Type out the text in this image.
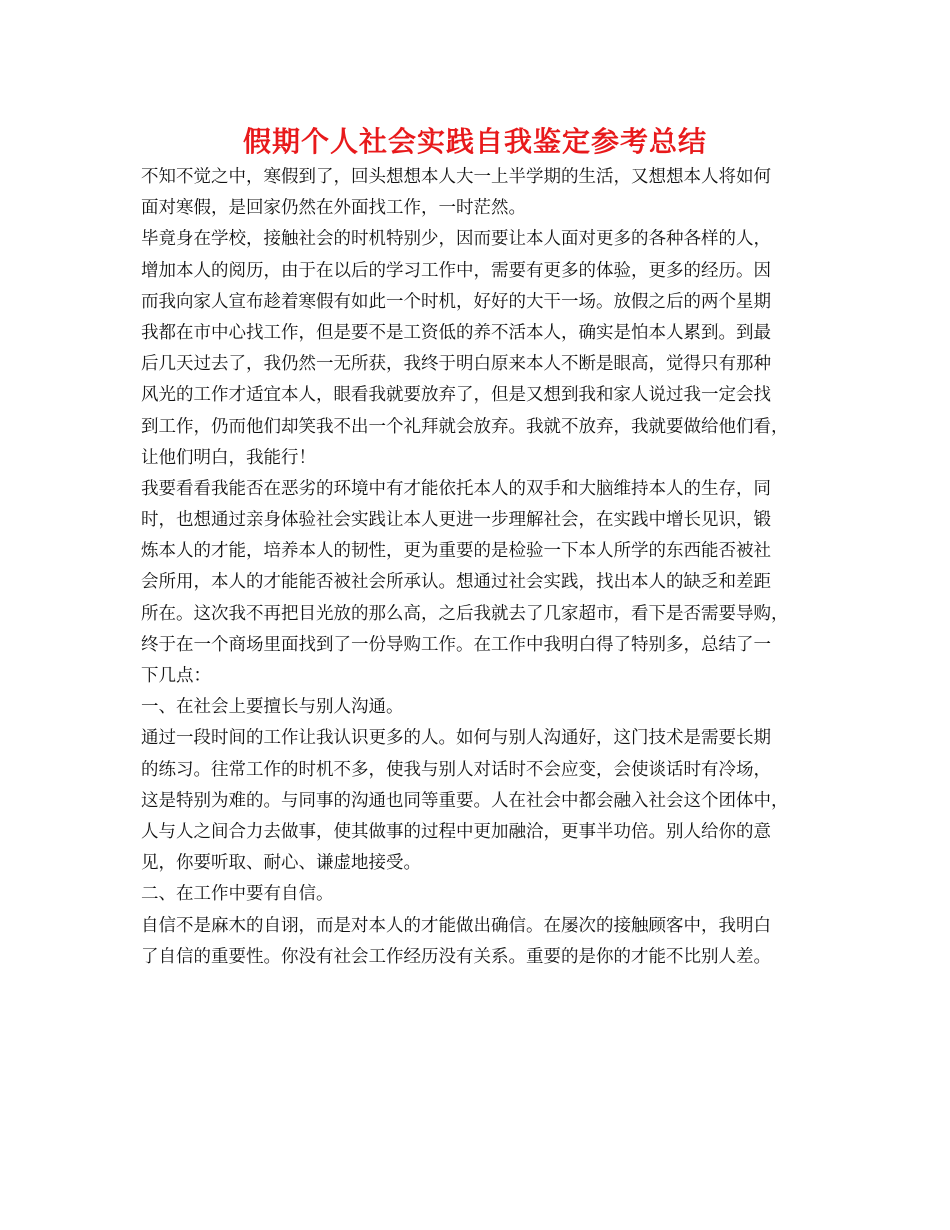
假期个人社会实践自我鉴定参考总结
不知不觉之中，寒假到了，回头想想本人大一上半学期的生活，又想想本人将如何
面对寒假，是回家仍然在外面找工作，一时茫然。
毕竟身在学校，接触社会的时机特别少，因而要让本人面对更多的各种各样的人，
增加本人的阅历，由于在以后的学习工作中，需要有更多的体验，更多的经历。因
而我向家人宣布趁着寒假有如此一个时机，好好的大干一场。放假之后的两个星期
我都在市中心找工作，但是要不是工资低的养不活本人，确实是怕本人累到。到最
后几天过去了，我仍然一无所获，我终于明白原来本人不断是眼高，觉得只有那种
风光的工作才适宜本人，眼看我就要放弃了，但是又想到我和家人说过我一定会找
到工作，仍而他们却笑我不出一个礼拜就会放弃。我就不放弃，我就要做给他们看，
让他们明白，我能行！
我要看看我能否在恶劣的环境中有才能依托本人的双手和大脑维持本人的生存，同
时，也想通过亲身体验社会实践让本人更进一步理解社会，在实践中增长见识，锻
炼本人的才能，培养本人的韧性，更为重要的是检验一下本人所学的东西能否被社
会所用，本人的才能能否被社会所承认。想通过社会实践，找出本人的缺乏和差距
所在。这次我不再把目光放的那么高，之后我就去了几家超市，看下是否需要导购，
终于在一个商场里面找到了一份导购工作。在工作中我明白得了特别多，总结了一
下几点：
一、在社会上要擅长与别人沟通。
通过一段时间的工作让我认识更多的人。如何与别人沟通好，这门技术是需要长期
的练习。往常工作的时机不多，使我与别人对话时不会应变，会使谈话时有冷场，
这是特别为难的。与同事的沟通也同等重要。人在社会中都会融入社会这个团体中，
人与人之间合力去做事，使其做事的过程中更加融洽，更事半功倍。别人给你的意
见，你要听取、耐心、谦虚地接受。
二、在工作中要有自信。
自信不是麻木的自诩，而是对本人的才能做出确信。在屡次的接触顾客中，我明白
了自信的重要性。你没有社会工作经历没有关系。重要的是你的才能不比别人差。
